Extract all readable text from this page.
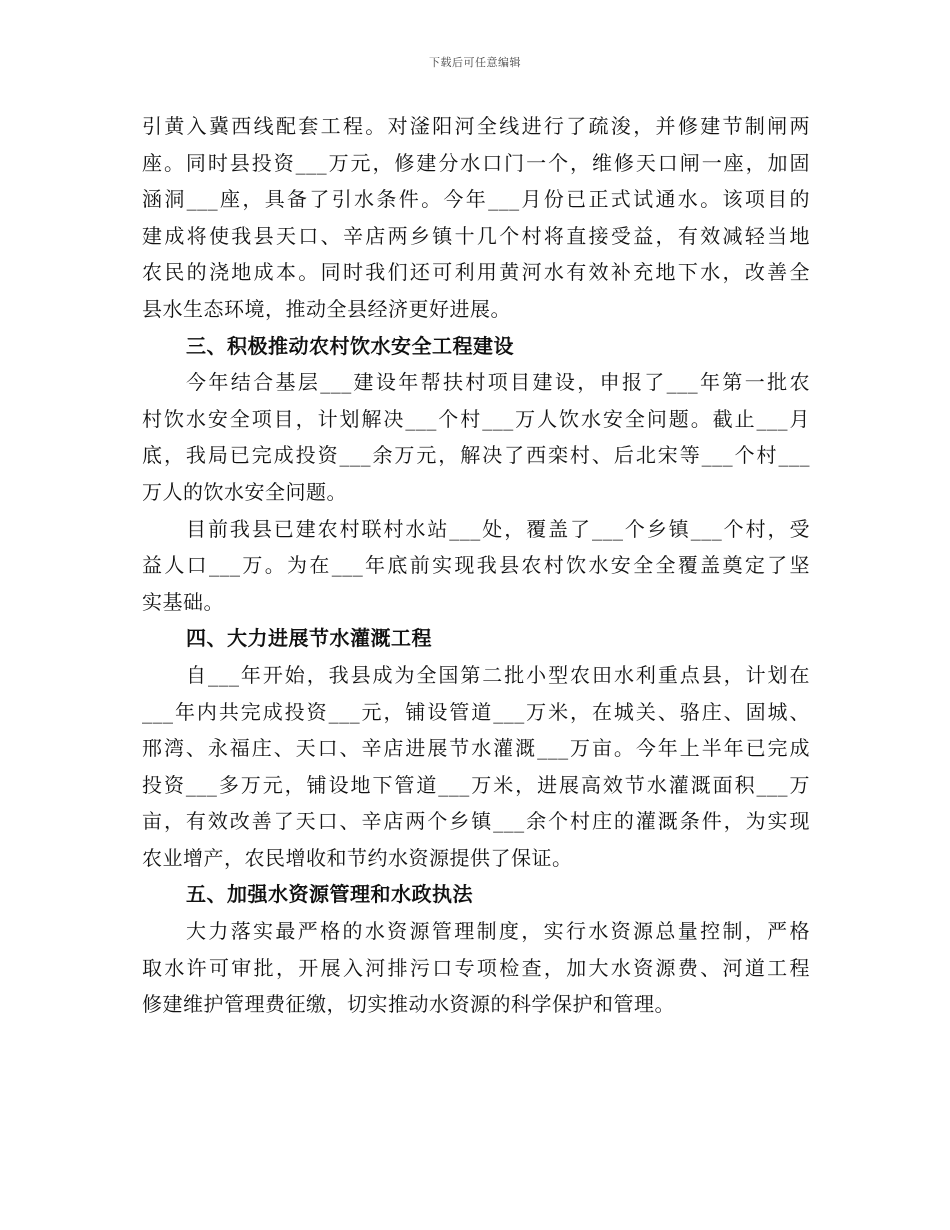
下载后可任意编辑
引黄入冀西线配套工程。对滏阳河全线进行了疏浚，并修建节制闸两
座。同时县投资___万元，修建分水口门一个，维修天口闸一座，加固
涵洞___座，具备了引水条件。今年___月份已正式试通水。该项目的
建成将使我县天口、辛店两乡镇十几个村将直接受益，有效减轻当地
农民的浇地成本。同时我们还可利用黄河水有效补充地下水，改善全
县水生态环境，推动全县经济更好进展。
三、积极推动农村饮水安全工程建设
今年结合基层___建设年帮扶村项目建设，申报了___年第一批农
村饮水安全项目，计划解决___个村___万人饮水安全问题。截止___月
底，我局已完成投资___余万元，解决了西栾村、后北宋等___个村___
万人的饮水安全问题。
目前我县已建农村联村水站___处，覆盖了___个乡镇___个村，受
益人口___万。为在___年底前实现我县农村饮水安全全覆盖奠定了坚
实基础。
四、大力进展节水灌溉工程
自___年开始，我县成为全国第二批小型农田水利重点县，计划在
___年内共完成投资___元，铺设管道___万米，在城关、骆庄、固城、
邢湾、永福庄、天口、辛店进展节水灌溉___万亩。今年上半年已完成
投资___多万元，铺设地下管道___万米，进展高效节水灌溉面积___万
亩，有效改善了天口、辛店两个乡镇___余个村庄的灌溉条件，为实现
农业增产，农民增收和节约水资源提供了保证。
五、加强水资源管理和水政执法
大力落实最严格的水资源管理制度，实行水资源总量控制，严格
取水许可审批，开展入河排污口专项检查，加大水资源费、河道工程
修建维护管理费征缴，切实推动水资源的科学保护和管理。
